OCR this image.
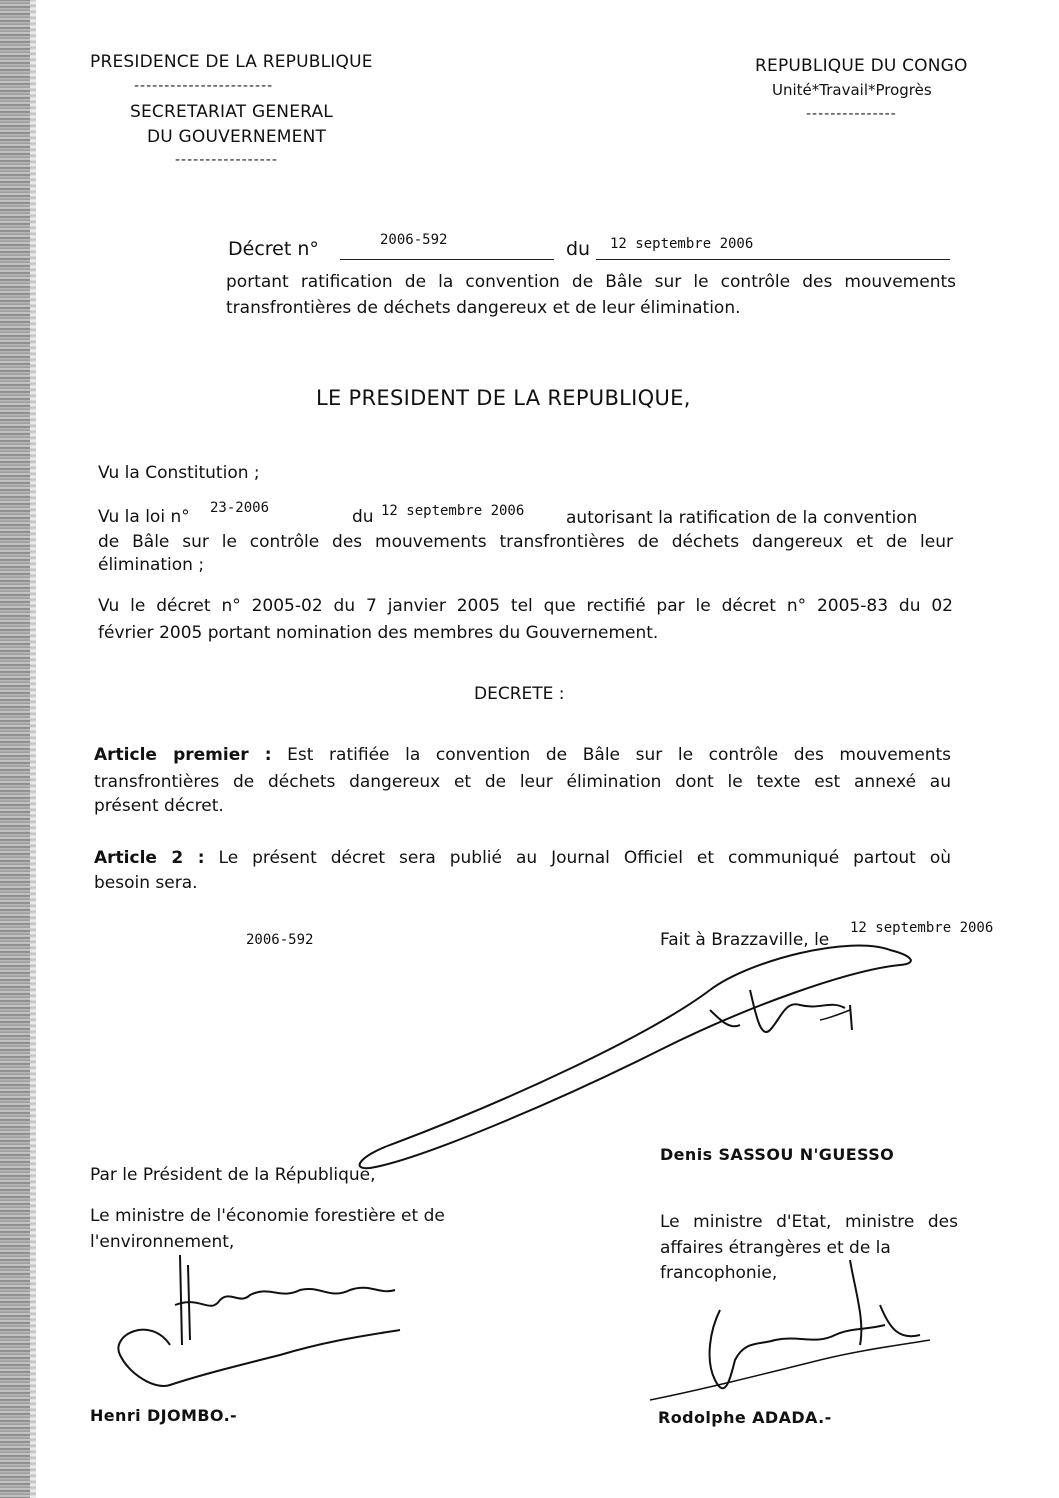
PRESIDENCE DE LA REPUBLIQUE
-----------------------
SECRETARIAT GENERAL
DU GOUVERNEMENT
-----------------
REPUBLIQUE DU CONGO
Unité*Travail*Progrès
---------------
Décret n°	2006-592	du 12 septembre 2006
portant ratification de la convention de Bâle sur le contrôle des mouvements
transfrontières de déchets dangereux et de leur élimination.
LE PRESIDENT DE LA REPUBLIQUE,
Vu la Constitution ;
Vu la loi n° 23-2006	du 12 septembre 2006 autorisant la ratification de la convention
de Bâle sur le contrôle des mouvements transfrontières de déchets dangereux et de leur
élimination ;
Vu le décret n° 2005-02 du 7 janvier 2005 tel que rectifié par le décret n° 2005-83 du 02
février 2005 portant nomination des membres du Gouvernement.
DECRETE :
Article premier : Est ratifiée la convention de Bâle sur le contrôle des mouvements
transfrontières de déchets dangereux et de leur élimination dont le texte est annexé au
présent décret.
Article 2 : Le présent décret sera publié au Journal Officiel et communiqué partout où
besoin sera.
2006-592	Fait à Brazzaville, le
12 septembre 2006
Denis SASSOU N'GUESSO
Par le Président de la République,
Le ministre de l'économie forestière et de
l'environnement,
Henri DJOMBO.-
Le ministre d'Etat, ministre des
affaires étrangères et de la
francophonie,
Rodolphe ADADA.-
